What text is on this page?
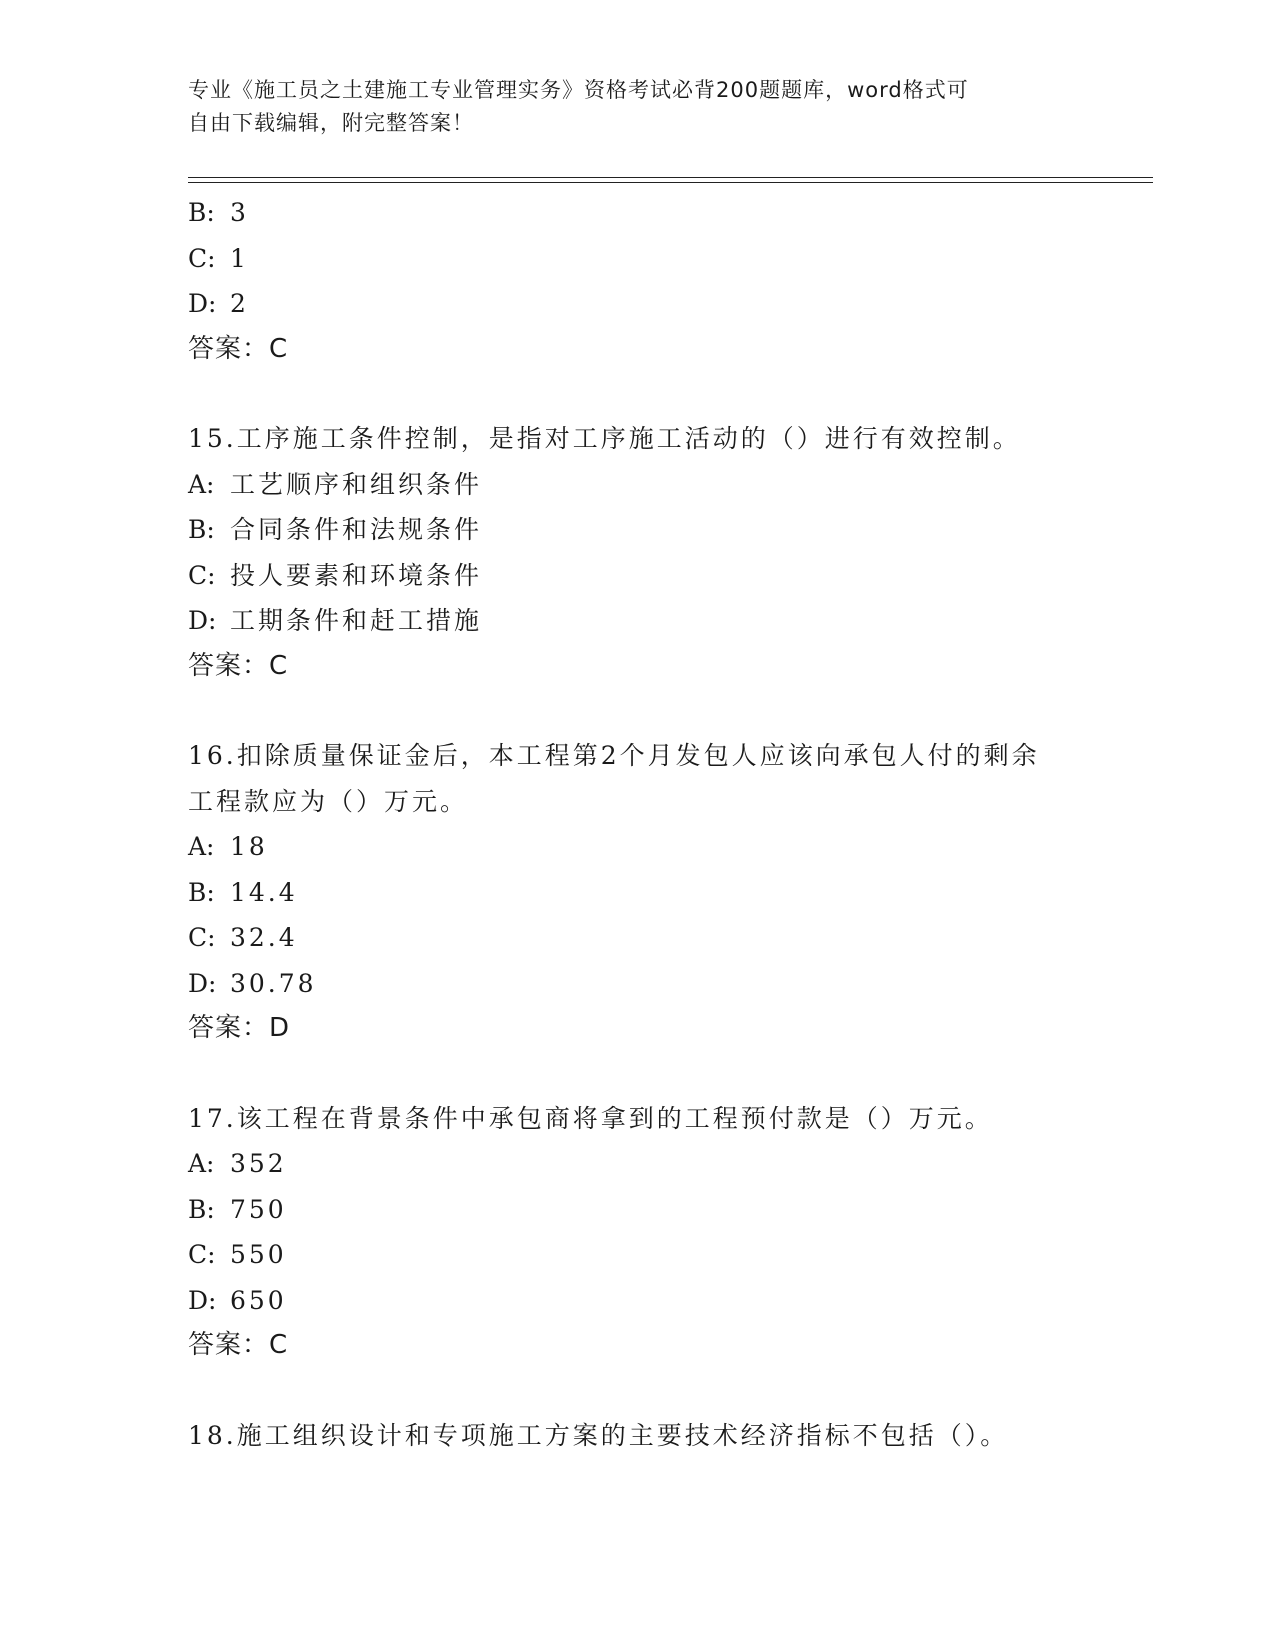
专业《施工员之土建施工专业管理实务》资格考试必背200题题库，word格式可
自由下载编辑，附完整答案！
B: 3
C: 1
D: 2
答案：C
15.工序施工条件控制，是指对工序施工活动的（）进行有效控制。
A: 工艺顺序和组织条件
B: 合同条件和法规条件
C: 投人要素和环境条件
D: 工期条件和赶工措施
答案：C
16.扣除质量保证金后，本工程第2个月发包人应该向承包人付的剩余
工程款应为（）万元。
A: 18
B: 14.4
C: 32.4
D: 30.78
答案：D
17.该工程在背景条件中承包商将拿到的工程预付款是（）万元。
A: 352
B: 750
C: 550
D: 650
答案：C
18.施工组织设计和专项施工方案的主要技术经济指标不包括（）。
